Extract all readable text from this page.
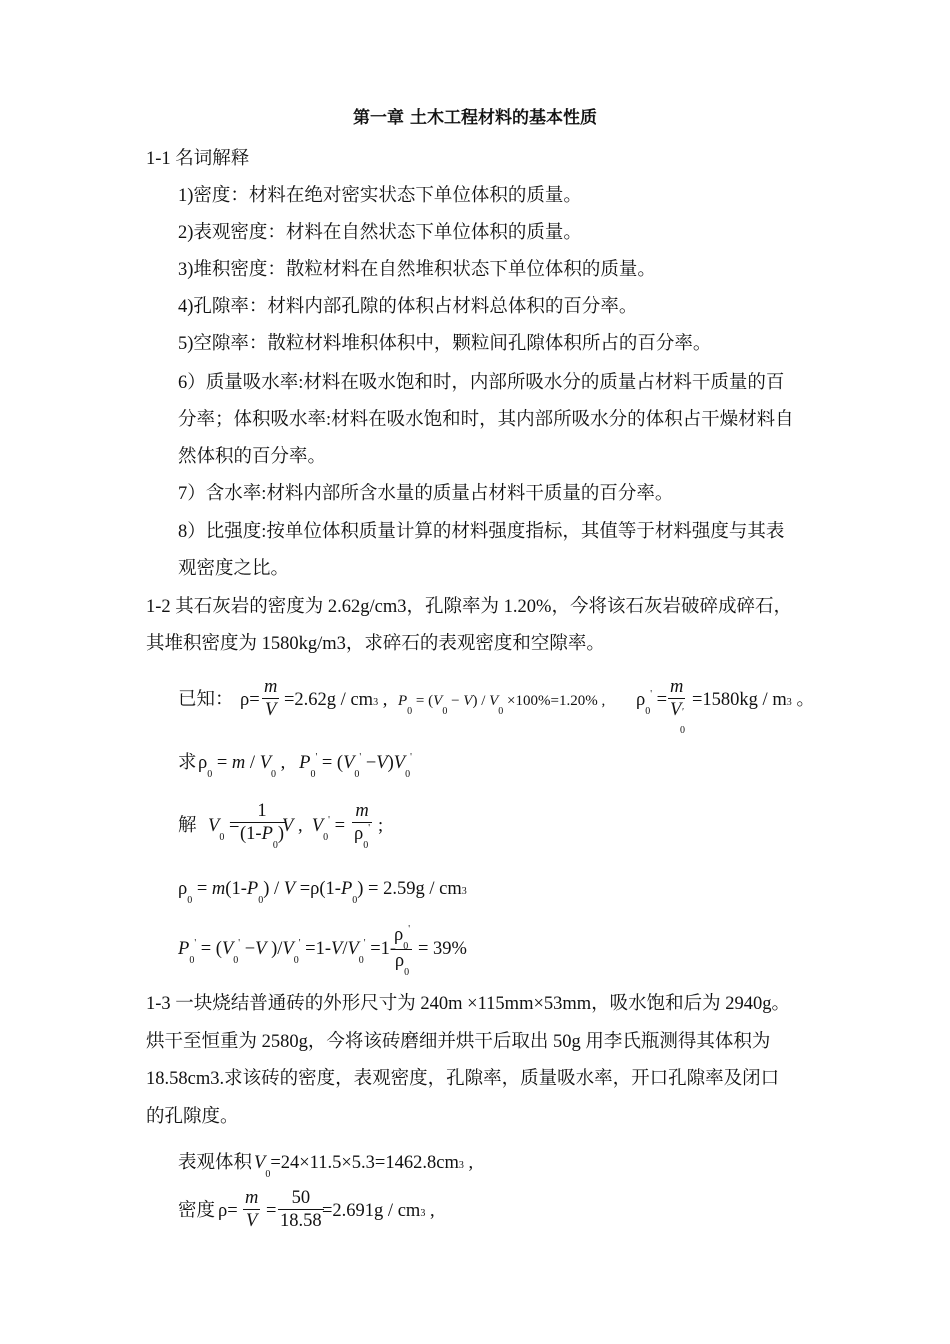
第一章 土木工程材料的基本性质
1-1 名词解释
1)密度：材料在绝对密实状态下单位体积的质量。
2)表观密度：材料在自然状态下单位体积的质量。
3)堆积密度：散粒材料在自然堆积状态下单位体积的质量。
4)孔隙率：材料内部孔隙的体积占材料总体积的百分率。
5)空隙率：散粒材料堆积体积中，颗粒间孔隙体积所占的百分率。
6）质量吸水率:材料在吸水饱和时，内部所吸水分的质量占材料干质量的百
分率；体积吸水率:材料在吸水饱和时，其内部所吸水分的体积占干燥材料自
然体积的百分率。
7）含水率:材料内部所含水量的质量占材料干质量的百分率。
8）比强度:按单位体积质量计算的材料强度指标，其值等于材料强度与其表
观密度之比。
1-2 其石灰岩的密度为 2.62g/cm3，孔隙率为 1.20%，今将该石灰岩破碎成碎石，
其堆积密度为 1580kg/m3，求碎石的表观密度和空隙率。
已知： $\rho= \frac{m}{V} =2.62g / cm3$ , $P_0 = (V_0 - V) / V_0 \times 100\%=1.20\%$ , $\rho_0' = \frac{m}{V'}$
0
=1580kg / m3 。
求 $\rho_0 = m / V_0$ ,   $P_0' = (V_0' -V)V_0'$
解 $V_0$ =
$\frac{1}{(1-P_0)}$
V ,  $V_0' = \frac{m}{\rho_0'}$ ;
$\rho_0 = m(1-P_0) / V =\rho(1-P_0) = 2.59g / cm3$
$P_0' = (V_0' -V$ )$/V_0' =1-V/V_0' =1-$
$\frac{\rho_0'}{\rho_0} = 39\%$
1-3 一块烧结普通砖的外形尺寸为 240m ×115mm×53mm，吸水饱和后为 2940g。
烘干至恒重为 2580g，今将该砖磨细并烘干后取出 50g 用李氏瓶测得其体积为
18.58cm3.求该砖的密度，表观密度，孔隙率，质量吸水率，开口孔隙率及闭口
的孔隙度。
表观体积 $V_0=24\times 11.5\times 5.3=1462.8cm3$ ,
密度 $\rho= \frac{m}{V} = \frac{50}{18.58}$
=2.691g / cm3 ,
